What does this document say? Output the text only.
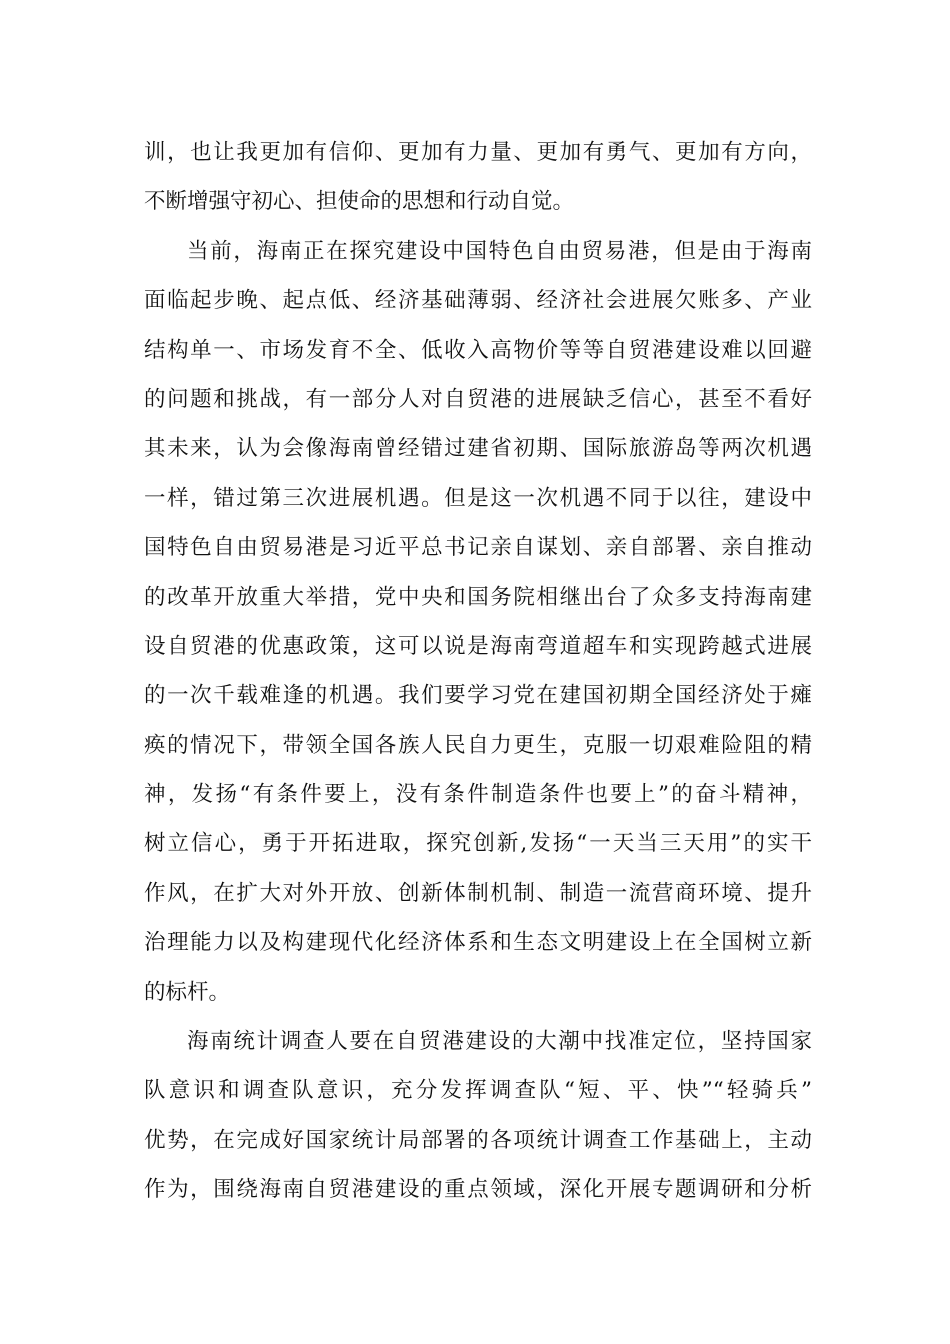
训，也让我更加有信仰、更加有力量、更加有勇气、更加有方向，
不断增强守初心、担使命的思想和行动自觉。
当前，海南正在探究建设中国特色自由贸易港，但是由于海南
面临起步晚、起点低、经济基础薄弱、经济社会进展欠账多、产业
结构单一、市场发育不全、低收入高物价等等自贸港建设难以回避
的问题和挑战，有一部分人对自贸港的进展缺乏信心，甚至不看好
其未来，认为会像海南曾经错过建省初期、国际旅游岛等两次机遇
一样，错过第三次进展机遇。但是这一次机遇不同于以往，建设中
国特色自由贸易港是习近平总书记亲自谋划、亲自部署、亲自推动
的改革开放重大举措，党中央和国务院相继出台了众多支持海南建
设自贸港的优惠政策，这可以说是海南弯道超车和实现跨越式进展
的一次千载难逢的机遇。我们要学习党在建国初期全国经济处于瘫
痪的情况下，带领全国各族人民自力更生，克服一切艰难险阻的精
神，发扬“有条件要上，没有条件制造条件也要上”的奋斗精神，
树立信心，勇于开拓进取，探究创新,发扬“一天当三天用”的实干
作风，在扩大对外开放、创新体制机制、制造一流营商环境、提升
治理能力以及构建现代化经济体系和生态文明建设上在全国树立新
的标杆。
海南统计调查人要在自贸港建设的大潮中找准定位，坚持国家
队意识和调查队意识，充分发挥调查队“短、平、快”“轻骑兵”
优势，在完成好国家统计局部署的各项统计调查工作基础上，主动
作为，围绕海南自贸港建设的重点领域，深化开展专题调研和分析
